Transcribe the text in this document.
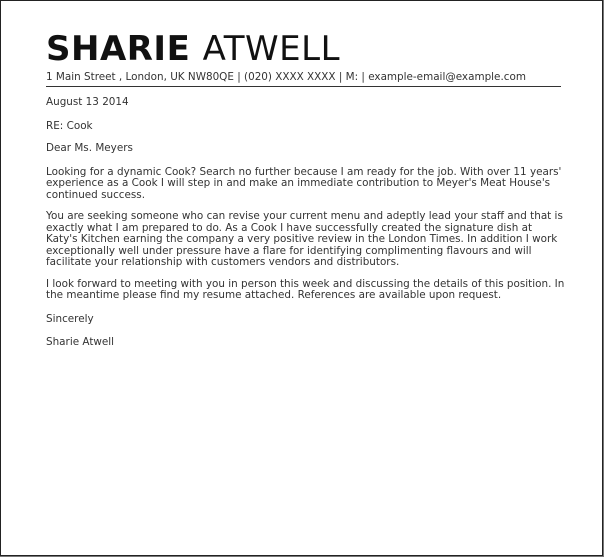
SHARIE ATWELL
1 Main Street , London, UK NW80QE | (020) XXXX XXXX | M: | example-email@example.com

August 13 2014

RE: Cook

Dear Ms. Meyers

Looking for a dynamic Cook? Search no further because I am ready for the job. With over 11 years' experience as a Cook I will step in and make an immediate contribution to Meyer's Meat House's continued success.

You are seeking someone who can revise your current menu and adeptly lead your staff and that is exactly what I am prepared to do. As a Cook I have successfully created the signature dish at Katy's Kitchen earning the company a very positive review in the London Times. In addition I work exceptionally well under pressure have a flare for identifying complimenting flavours and will facilitate your relationship with customers vendors and distributors.

I look forward to meeting with you in person this week and discussing the details of this position. In the meantime please find my resume attached. References are available upon request.

Sincerely

Sharie Atwell
